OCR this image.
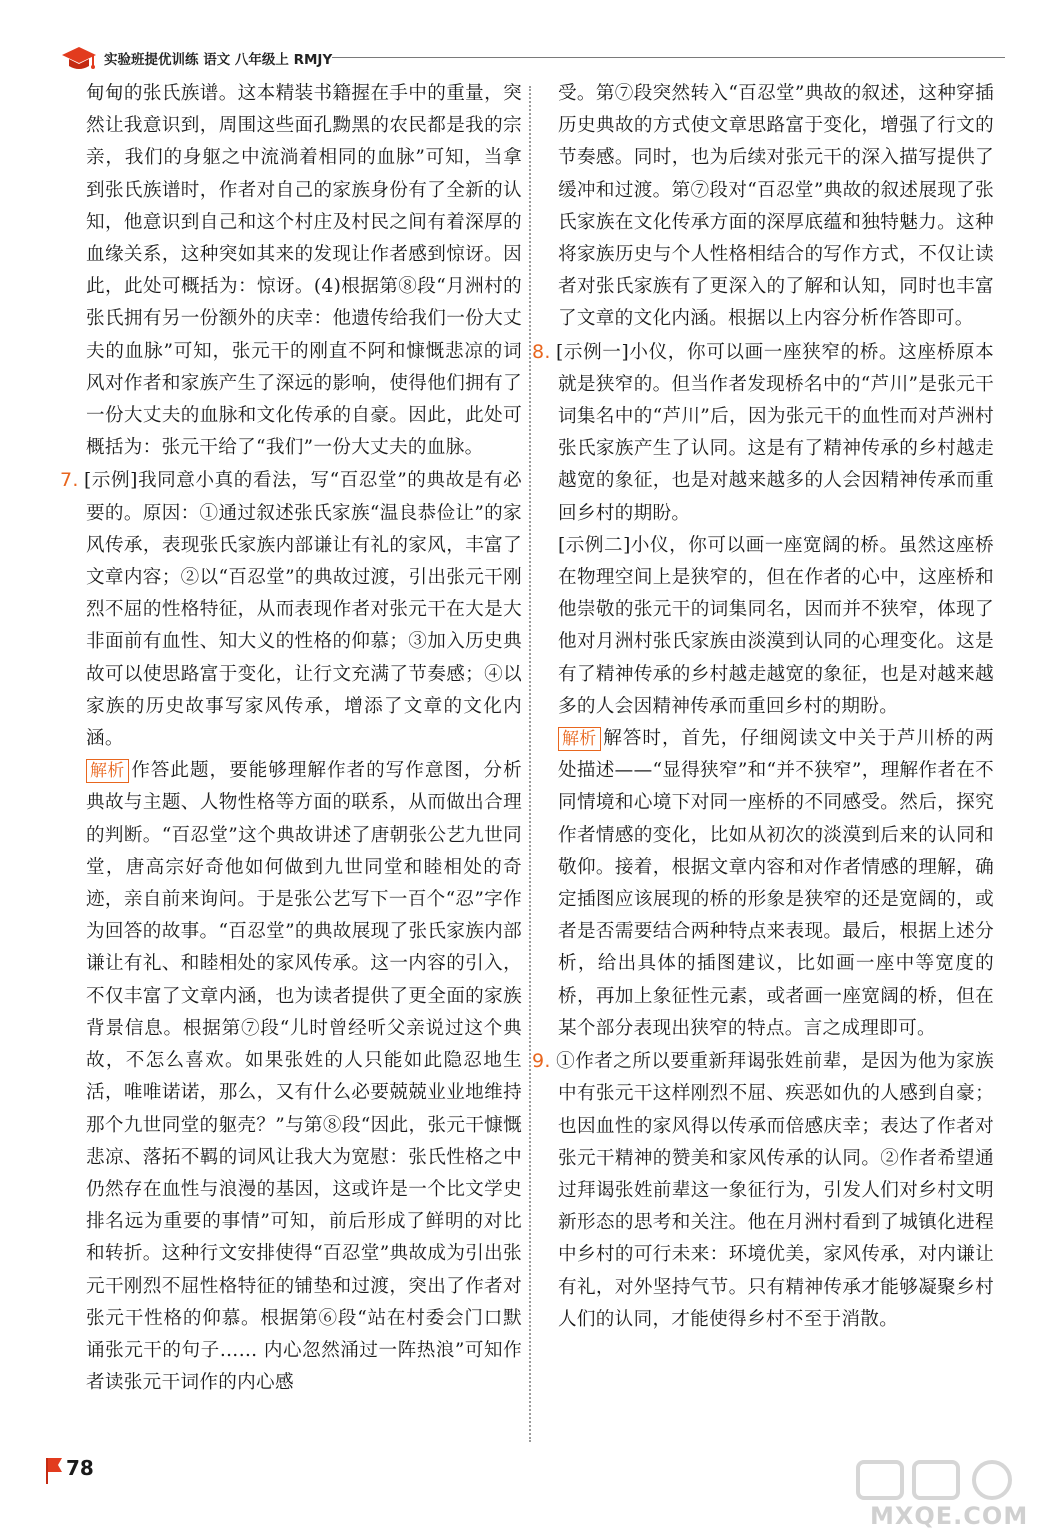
实验班提优训练 语文 八年级上 RMJY

甸甸的张氏族谱。这本精装书籍握在手中的重量，突然让我意识到，周围这些面孔黝黑的农民都是我的宗亲，我们的身躯之中流淌着相同的血脉”可知，当拿到张氏族谱时，作者对自己的家族身份有了全新的认知，他意识到自己和这个村庄及村民之间有着深厚的血缘关系，这种突如其来的发现让作者感到惊讶。因此，此处可概括为：惊讶。(4)根据第⑧段“月洲村的张氏拥有另一份额外的庆幸：他遗传给我们一份大丈夫的血脉”可知，张元干的刚直不阿和慷慨悲凉的词风对作者和家族产生了深远的影响，使得他们拥有了一份大丈夫的血脉和文化传承的自豪。因此，此处可概括为：张元干给了“我们”一份大丈夫的血脉。

7. [示例]我同意小真的看法，写“百忍堂”的典故是有必要的。原因：①通过叙述张氏家族“温良恭俭让”的家风传承，表现张氏家族内部谦让有礼的家风，丰富了文章内容；②以“百忍堂”的典故过渡，引出张元干刚烈不屈的性格特征，从而表现作者对张元干在大是大非面前有血性、知大义的性格的仰慕；③加入历史典故可以使思路富于变化，让行文充满了节奏感；④以家族的历史故事写家风传承，增添了文章的文化内涵。

解析 作答此题，要能够理解作者的写作意图，分析典故与主题、人物性格等方面的联系，从而做出合理的判断。“百忍堂”这个典故讲述了唐朝张公艺九世同堂，唐高宗好奇他如何做到九世同堂和睦相处的奇迹，亲自前来询问。于是张公艺写下一百个“忍”字作为回答的故事。“百忍堂”的典故展现了张氏家族内部谦让有礼、和睦相处的家风传承。这一内容的引入，不仅丰富了文章内涵，也为读者提供了更全面的家族背景信息。根据第⑦段“儿时曾经听父亲说过这个典故，不怎么喜欢。如果张姓的人只能如此隐忍地生活，唯唯诺诺，那么，又有什么必要兢兢业业地维持那个九世同堂的躯壳？”与第⑧段“因此，张元干慷慨悲凉、落拓不羁的词风让我大为宽慰：张氏性格之中仍然存在血性与浪漫的基因，这或许是一个比文学史排名远为重要的事情”可知，前后形成了鲜明的对比和转折。这种行文安排使得“百忍堂”典故成为引出张元干刚烈不屈性格特征的铺垫和过渡，突出了作者对张元干性格的仰慕。根据第⑥段“站在村委会门口默诵张元干的句子…… 内心忽然涌过一阵热浪”可知作者读张元干词作的内心感

受。第⑦段突然转入“百忍堂”典故的叙述，这种穿插历史典故的方式使文章思路富于变化，增强了行文的节奏感。同时，也为后续对张元干的深入描写提供了缓冲和过渡。第⑦段对“百忍堂”典故的叙述展现了张氏家族在文化传承方面的深厚底蕴和独特魅力。这种将家族历史与个人性格相结合的写作方式，不仅让读者对张氏家族有了更深入的了解和认知，同时也丰富了文章的文化内涵。根据以上内容分析作答即可。

8. [示例一]小仪，你可以画一座狭窄的桥。这座桥原本就是狭窄的。但当作者发现桥名中的“芦川”是张元干词集名中的“芦川”后，因为张元干的血性而对芦洲村张氏家族产生了认同。这是有了精神传承的乡村越走越宽的象征，也是对越来越多的人会因精神传承而重回乡村的期盼。

[示例二]小仪，你可以画一座宽阔的桥。虽然这座桥在物理空间上是狭窄的，但在作者的心中，这座桥和他崇敬的张元干的词集同名，因而并不狭窄，体现了他对月洲村张氏家族由淡漠到认同的心理变化。这是有了精神传承的乡村越走越宽的象征，也是对越来越多的人会因精神传承而重回乡村的期盼。

解析 解答时，首先，仔细阅读文中关于芦川桥的两处描述——“显得狭窄”和“并不狭窄”，理解作者在不同情境和心境下对同一座桥的不同感受。然后，探究作者情感的变化，比如从初次的淡漠到后来的认同和敬仰。接着，根据文章内容和对作者情感的理解，确定插图应该展现的桥的形象是狭窄的还是宽阔的，或者是否需要结合两种特点来表现。最后，根据上述分析，给出具体的插图建议，比如画一座中等宽度的桥，再加上象征性元素，或者画一座宽阔的桥，但在某个部分表现出狭窄的特点。言之成理即可。

9. ①作者之所以要重新拜谒张姓前辈，是因为他为家族中有张元干这样刚烈不屈、疾恶如仇的人感到自豪；也因血性的家风得以传承而倍感庆幸；表达了作者对张元干精神的赞美和家风传承的认同。②作者希望通过拜谒张姓前辈这一象征行为，引发人们对乡村文明新形态的思考和关注。他在月洲村看到了城镇化进程中乡村的可行未来：环境优美，家风传承，对内谦让有礼，对外坚持气节。只有精神传承才能够凝聚乡村人们的认同，才能使得乡村不至于消散。

78
MXQE.COM
